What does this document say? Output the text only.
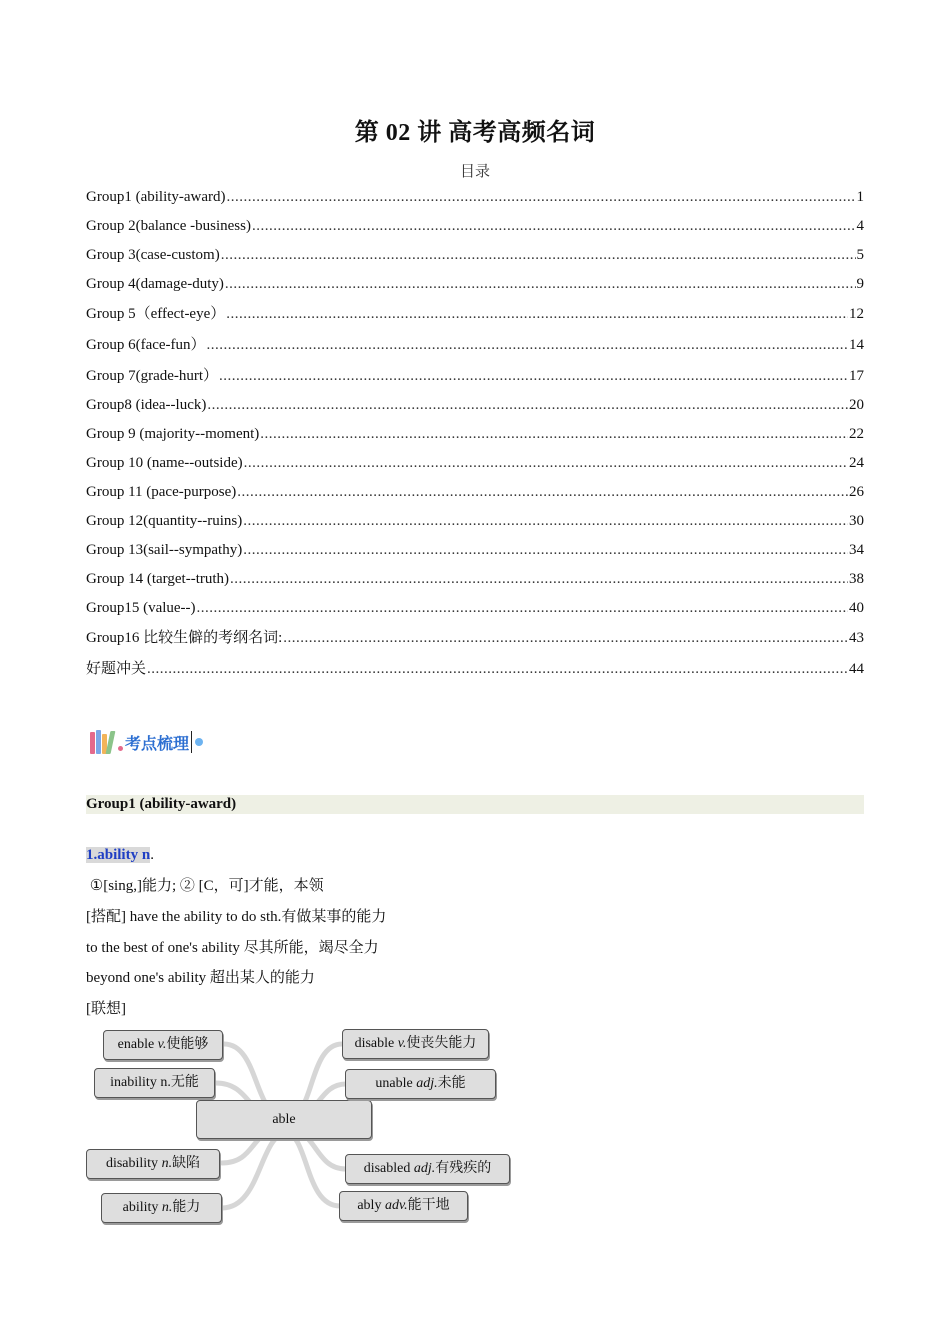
第 02 讲 高考高频名词
目录
Group1 (ability-award) .....	1
Group 2(balance -business) .....	4
Group 3(case-custom) .....	5
Group 4(damage-duty) .....	9
Group 5（effect-eye） .....	12
Group 6(face-fun） .....	14
Group 7(grade-hurt） .....	17
Group8 (idea--luck) .....	20
Group 9 (majority--moment) .....	22
Group 10 (name--outside) .....	24
Group 11 (pace-purpose) .....	26
Group 12(quantity--ruins) .....	30
Group 13(sail--sympathy) .....	34
Group 14 (target--truth) .....	38
Group15 (value--) .....	40
Group16 比较生僻的考纲名词: .....	43
好题冲关 .....	44
考点梳理
Group1 (ability-award)
1.ability n.
①[sing,]能力; ② [C，可]才能，本领
[搭配] have the ability to do sth.有做某事的能力
to the best of one's ability 尽其所能，竭尽全力
beyond one's ability 超出某人的能力
[联想]
able
enable v.使能够
inability n.无能
disability n.缺陷
ability n.能力
disable v.使丧失能力
unable adj.未能
disabled adj.有残疾的
ably adv.能干地
